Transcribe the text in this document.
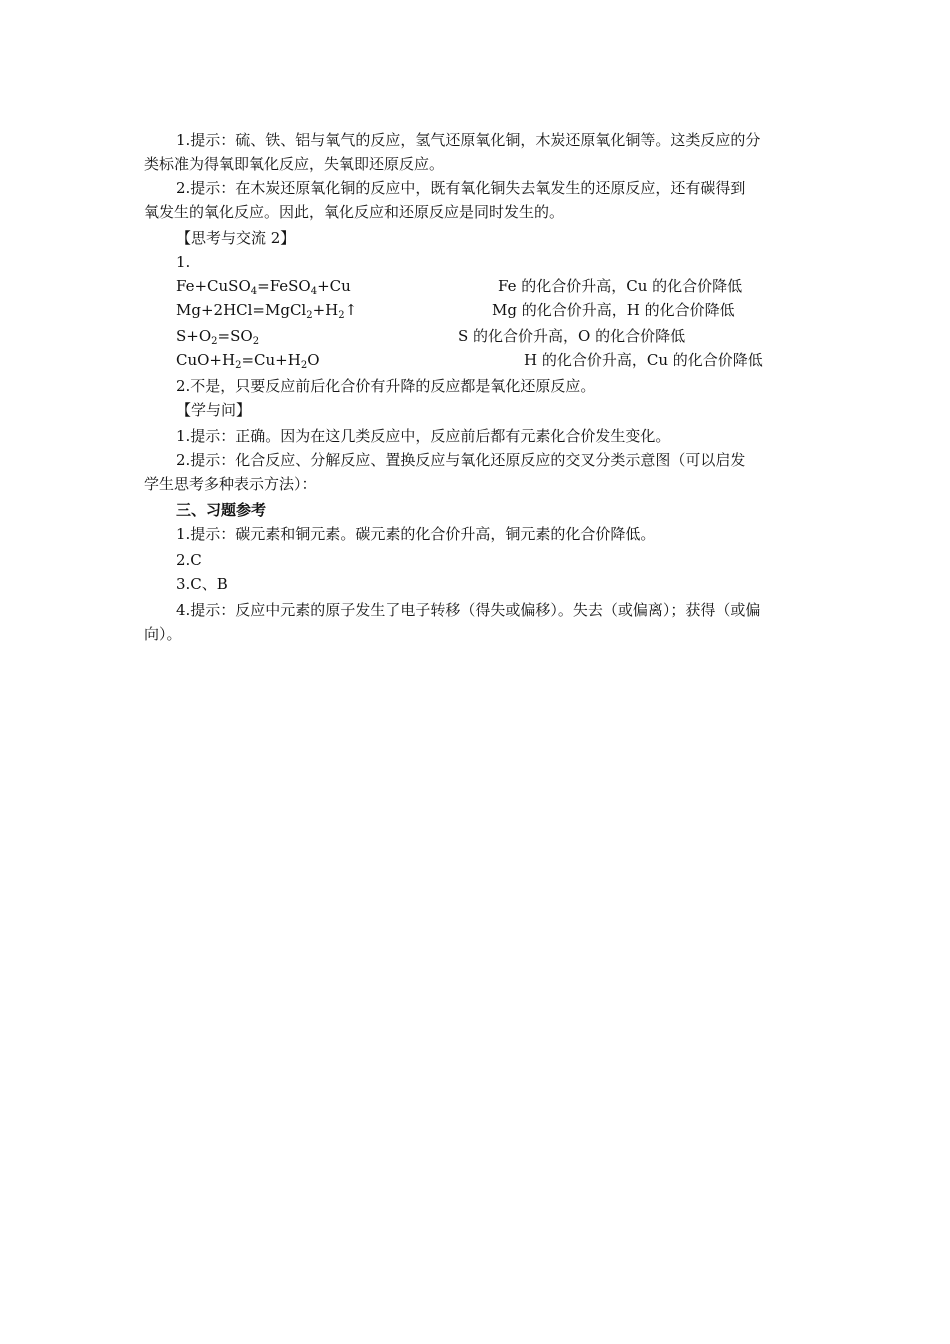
1.提示：硫、铁、铝与氧气的反应，氢气还原氧化铜，木炭还原氧化铜等。这类反应的分
类标准为得氧即氧化反应，失氧即还原反应。
2.提示：在木炭还原氧化铜的反应中，既有氧化铜失去氧发生的还原反应，还有碳得到
氧发生的氧化反应。因此，氧化反应和还原反应是同时发生的。
【思考与交流 2】
1.
Fe+CuSO$_4$=FeSO$_4$+Cu	Fe 的化合价升高，Cu 的化合价降低
$Mg+2HCl=MgCl_2+H_2↑$	Mg 的化合价升高，H 的化合价降低
$S+O_2=SO_2$	S 的化合价升高，O 的化合价降低
$CuO+H_2=Cu+H_2O$	H 的化合价升高，Cu 的化合价降低
2.不是，只要反应前后化合价有升降的反应都是氧化还原反应。
【学与问】
1.提示：正确。因为在这几类反应中，反应前后都有元素化合价发生变化。
2.提示：化合反应、分解反应、置换反应与氧化还原反应的交叉分类示意图（可以启发
学生思考多种表示方法）：
三、习题参考
1.提示：碳元素和铜元素。碳元素的化合价升高，铜元素的化合价降低。
2.C
3.C、B
4.提示：反应中元素的原子发生了电子转移（得失或偏移）。失去（或偏离）；获得（或偏
向）。
